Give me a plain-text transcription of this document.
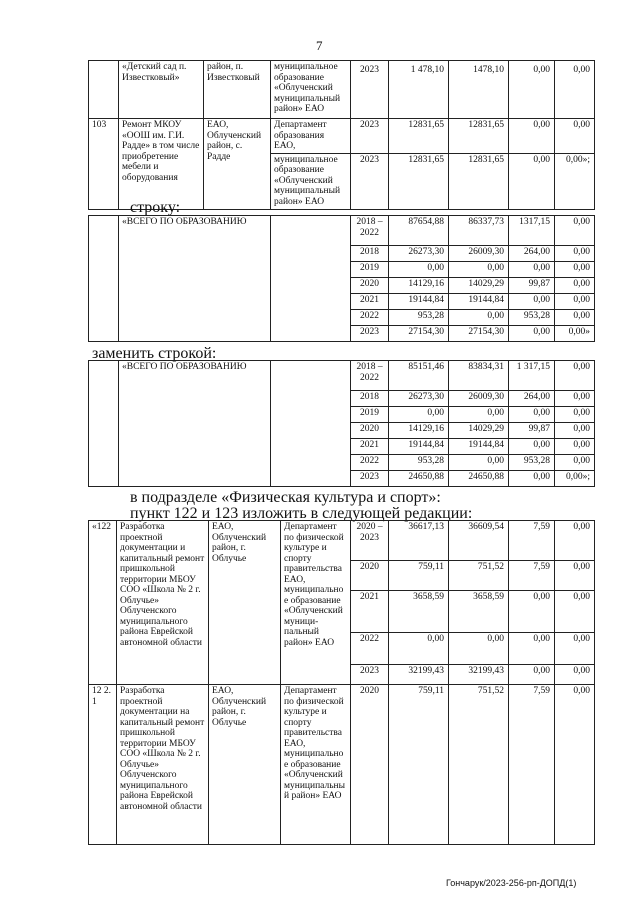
7
	«Детский сад п. Известковый»	район, п. Известковый	муниципальное образование «Облученский муниципальный район» ЕАО	2023	1 478,10	1478,10	0,00	0,00
103	Ремонт МКОУ «ООШ им. Г.И. Радде» в том числе приобретение мебели и оборудования	ЕАО, Облученский район, с. Радде	Департамент образования ЕАО,	2023	12831,65	12831,65	0,00	0,00
			муниципальное образование «Облученский муниципальный район» ЕАО	2023	12831,65	12831,65	0,00	0,00»;
строку:
	«ВСЕГО ПО ОБРАЗОВАНИЮ		2018 – 2022	87654,88	86337,73	1317,15	0,00
			2018	26273,30	26009,30	264,00	0,00
			2019	0,00	0,00	0,00	0,00
			2020	14129,16	14029,29	99,87	0,00
			2021	19144,84	19144,84	0,00	0,00
			2022	953,28	0,00	953,28	0,00
			2023	27154,30	27154,30	0,00	0,00»
заменить строкой:
	«ВСЕГО ПО ОБРАЗОВАНИЮ		2018 – 2022	85151,46	83834,31	1 317,15	0,00
			2018	26273,30	26009,30	264,00	0,00
			2019	0,00	0,00	0,00	0,00
			2020	14129,16	14029,29	99,87	0,00
			2021	19144,84	19144,84	0,00	0,00
			2022	953,28	0,00	953,28	0,00
			2023	24650,88	24650,88	0,00	0,00»;
в подразделе «Физическая культура и спорт»:
пункт 122 и 123 изложить в следующей редакции:
«122	Разработка проектной документации и капитальный ремонт пришкольной территории МБОУ СОО «Школа № 2 г. Облучье» Облученского муниципального района Еврейской автономной области	ЕАО, Облученский район, г. Облучье	Департамент по физической культуре и спорту правительства ЕАО, муниципальное образование «Облученский муници-пальный район» ЕАО	2020 – 2023	36617,13	36609,54	7,59	0,00
				2020	759,11	751,52	7,59	0,00
				2021	3658,59	3658,59	0,00	0,00
				2022	0,00	0,00	0,00	0,00
				2023	32199,43	32199,43	0,00	0,00
12 2. 1	Разработка проектной документации на капитальный ремонт пришкольной территории МБОУ СОО «Школа № 2 г. Облучье» Облученского муниципального района Еврейской автономной области	ЕАО, Облученский район, г. Облучье	Департамент по физической культуре и спорту правительства ЕАО, муниципальное образование «Облученский муниципальный район» ЕАО	2020	759,11	751,52	7,59	0,00
Гончарук/2023-256-рп-ДОПД(1)
